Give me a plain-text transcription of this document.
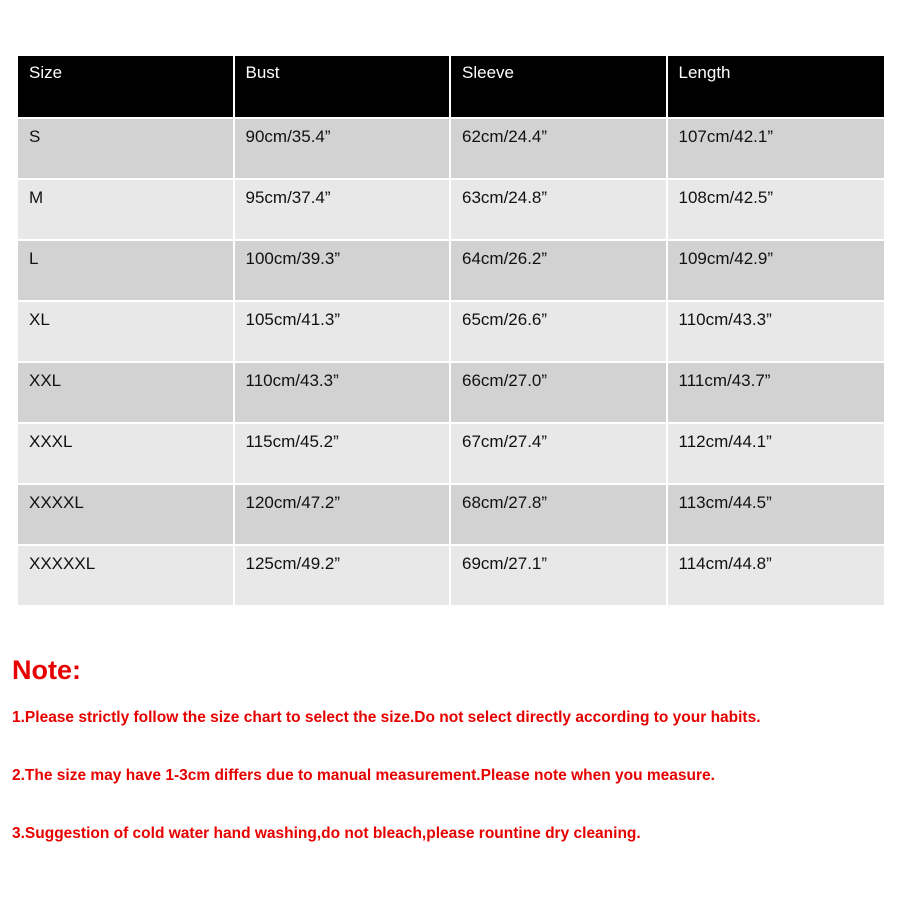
Size	Bust	Sleeve	Length
S	90cm/35.4”	62cm/24.4”	107cm/42.1”
M	95cm/37.4”	63cm/24.8”	108cm/42.5”
L	100cm/39.3”	64cm/26.2”	109cm/42.9”
XL	105cm/41.3”	65cm/26.6”	110cm/43.3”
XXL	110cm/43.3”	66cm/27.0”	111cm/43.7”
XXXL	115cm/45.2”	67cm/27.4”	112cm/44.1”
XXXXL	120cm/47.2”	68cm/27.8”	113cm/44.5”
XXXXXL	125cm/49.2”	69cm/27.1”	114cm/44.8”
Note:
1.Please strictly follow the size chart to select the size.Do not select directly according to your habits.
2.The size may have 1-3cm differs due to manual measurement.Please note when you measure.
3.Suggestion of cold water hand washing,do not bleach,please rountine dry cleaning.
